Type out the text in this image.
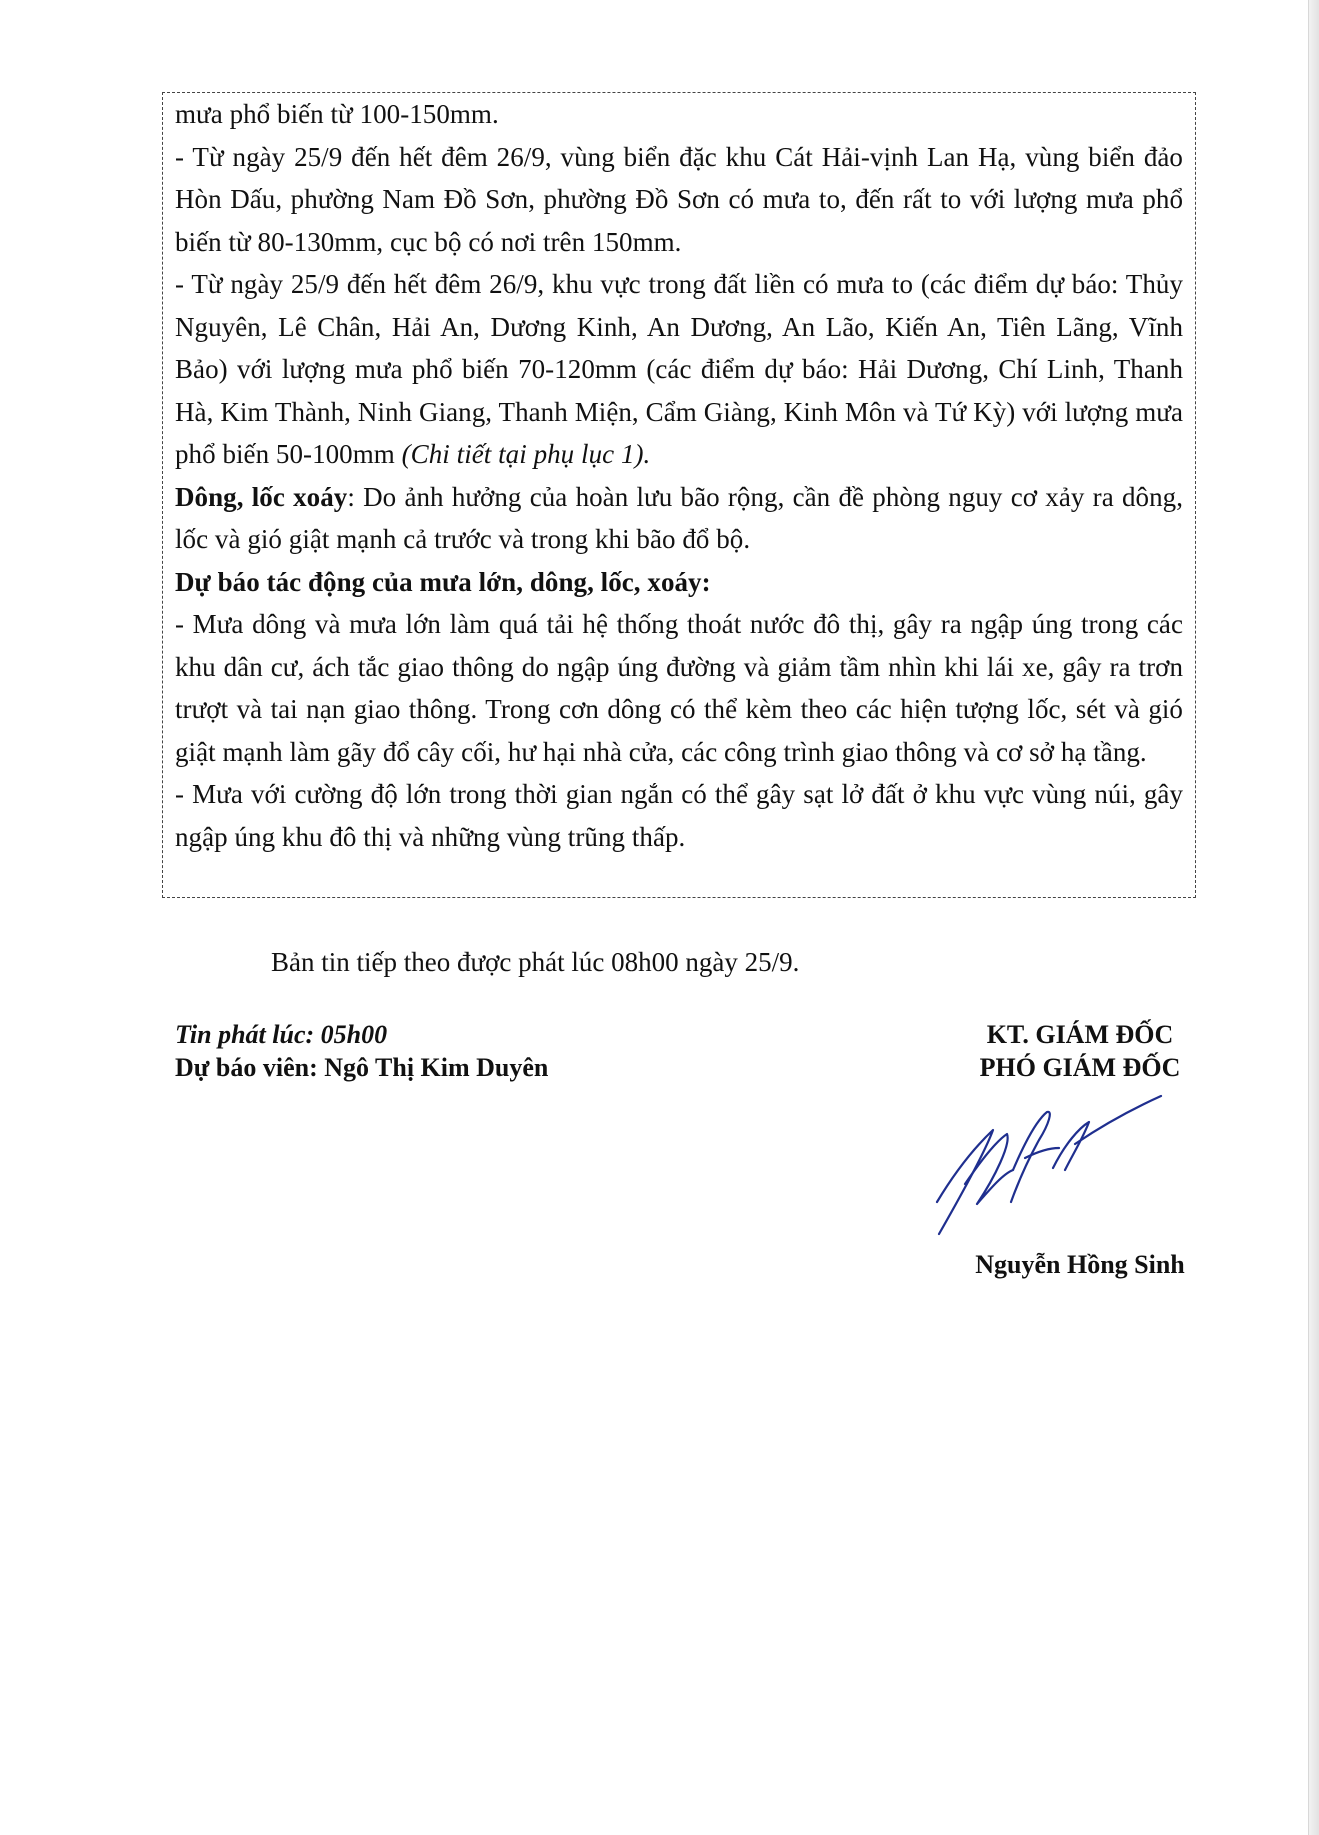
mưa phổ biến từ 100-150mm.

- Từ ngày 25/9 đến hết đêm 26/9, vùng biển đặc khu Cát Hải-vịnh Lan Hạ, vùng biển đảo Hòn Dấu, phường Nam Đồ Sơn, phường Đồ Sơn có mưa to, đến rất to với lượng mưa phổ biến từ 80-130mm, cục bộ có nơi trên 150mm.

- Từ ngày 25/9 đến hết đêm 26/9, khu vực trong đất liền có mưa to (các điểm dự báo: Thủy Nguyên, Lê Chân, Hải An, Dương Kinh, An Dương, An Lão, Kiến An, Tiên Lãng, Vĩnh Bảo) với lượng mưa phổ biến 70-120mm (các điểm dự báo: Hải Dương, Chí Linh, Thanh Hà, Kim Thành, Ninh Giang, Thanh Miện, Cẩm Giàng, Kinh Môn và Tứ Kỳ) với lượng mưa phổ biến 50-100mm (Chi tiết tại phụ lục 1).

Dông, lốc xoáy: Do ảnh hưởng của hoàn lưu bão rộng, cần đề phòng nguy cơ xảy ra dông, lốc và gió giật mạnh cả trước và trong khi bão đổ bộ.

Dự báo tác động của mưa lớn, dông, lốc, xoáy:

- Mưa dông và mưa lớn làm quá tải hệ thống thoát nước đô thị, gây ra ngập úng trong các khu dân cư, ách tắc giao thông do ngập úng đường và giảm tầm nhìn khi lái xe, gây ra trơn trượt và tai nạn giao thông. Trong cơn dông có thể kèm theo các hiện tượng lốc, sét và gió giật mạnh làm gãy đổ cây cối, hư hại nhà cửa, các công trình giao thông và cơ sở hạ tầng.

- Mưa với cường độ lớn trong thời gian ngắn có thể gây sạt lở đất ở khu vực vùng núi, gây ngập úng khu đô thị và những vùng trũng thấp.

Bản tin tiếp theo được phát lúc 08h00 ngày 25/9.

Tin phát lúc: 05h00
Dự báo viên: Ngô Thị Kim Duyên
KT. GIÁM ĐỐC
PHÓ GIÁM ĐỐC
Nguyễn Hồng Sinh
